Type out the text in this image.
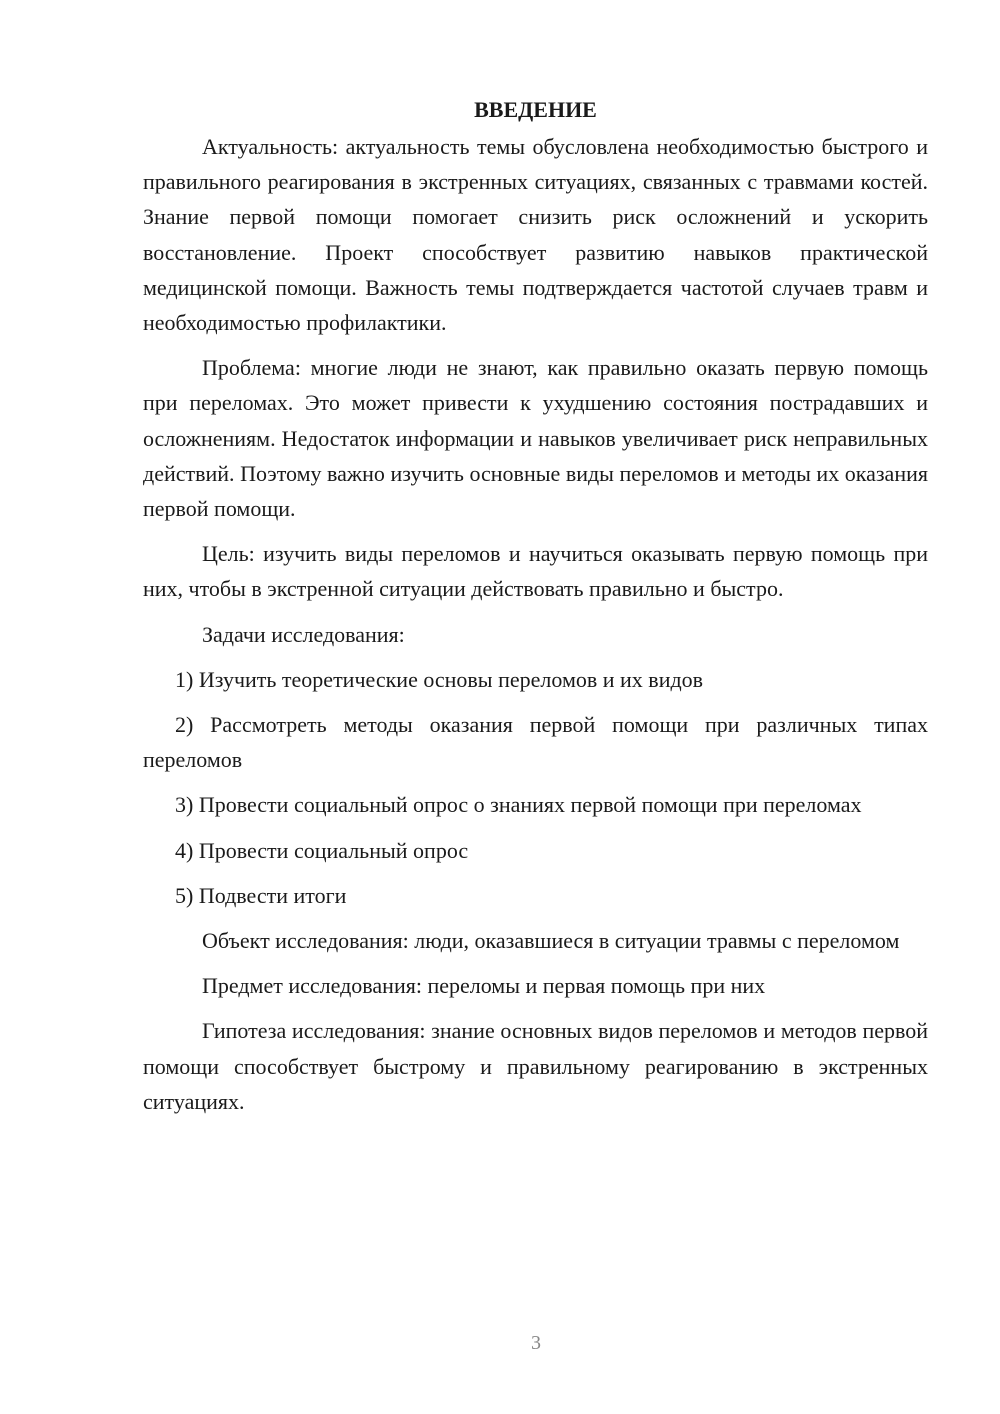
ВВЕДЕНИЕ

Актуальность: актуальность темы обусловлена необходимостью быстрого и правильного реагирования в экстренных ситуациях, связанных с травмами костей. Знание первой помощи помогает снизить риск осложнений и ускорить восстановление. Проект способствует развитию навыков практической медицинской помощи. Важность темы подтверждается частотой случаев травм и необходимостью профилактики.

Проблема: многие люди не знают, как правильно оказать первую помощь при переломах. Это может привести к ухудшению состояния пострадавших и осложнениям. Недостаток информации и навыков увеличивает риск неправильных действий. Поэтому важно изучить основные виды переломов и методы их оказания первой помощи.

Цель: изучить виды переломов и научиться оказывать первую помощь при них, чтобы в экстренной ситуации действовать правильно и быстро.

Задачи исследования:

1) Изучить теоретические основы переломов и их видов
2) Рассмотреть методы оказания первой помощи при различных типах переломов
3) Провести социальный опрос о знаниях первой помощи при переломах
4) Провести социальный опрос
5) Подвести итоги

Объект исследования: люди, оказавшиеся в ситуации травмы с переломом

Предмет исследования: переломы и первая помощь при них

Гипотеза исследования: знание основных видов переломов и методов первой помощи способствует быстрому и правильному реагированию в экстренных ситуациях.

3
